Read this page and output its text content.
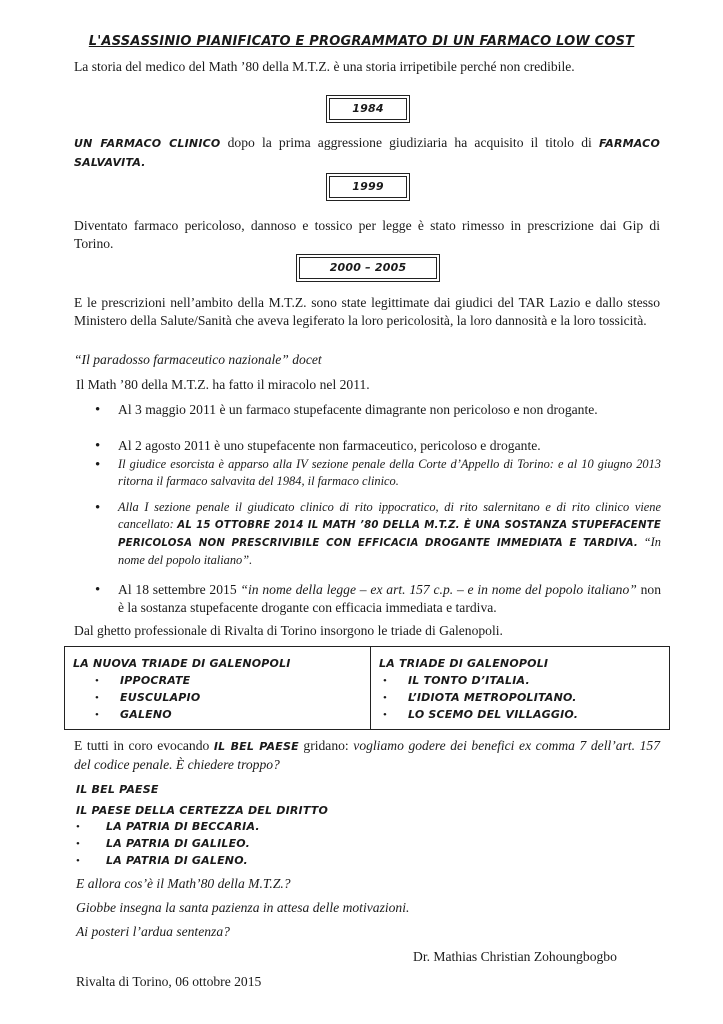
L'ASSASSINIO PIANIFICATO E PROGRAMMATO DI UN FARMACO LOW COST
La storia del medico del Math ’80 della M.T.Z. è una storia irripetibile perché non credibile.
1984
UN FARMACO CLINICO dopo la prima aggressione giudiziaria ha acquisito il titolo di FARMACO SALVAVITA.
1999
Diventato farmaco pericoloso, dannoso e tossico per legge è stato rimesso in prescrizione dai Gip di Torino.
2000 – 2005
E le prescrizioni nell’ambito della M.T.Z. sono state legittimate dai giudici del TAR Lazio e dallo stesso Ministero della Salute/Sanità che aveva legiferato la loro pericolosità, la loro dannosità e la loro tossicità.
“Il paradosso farmaceutico nazionale” docet
Il Math ’80 della M.T.Z. ha fatto il miracolo nel 2011.
• Al 3 maggio 2011 è un farmaco stupefacente dimagrante non pericoloso e non drogante.
• Al 2 agosto 2011 è uno stupefacente non farmaceutico, pericoloso e drogante.
• Il giudice esorcista è apparso alla IV sezione penale della Corte d’Appello di Torino: e al 10 giugno 2013 ritorna il farmaco salvavita del 1984, il farmaco clinico.
• Alla I sezione penale il giudicato clinico di rito ippocratico, di rito salernitano e di rito clinico viene cancellato: AL 15 OTTOBRE 2014 IL MATH ’80 DELLA M.T.Z. È UNA SOSTANZA STUPEFACENTE PERICOLOSA NON PRESCRIVIBILE CON EFFICACIA DROGANTE IMMEDIATA E TARDIVA. “In nome del popolo italiano”.
• Al 18 settembre 2015 “in nome della legge – ex art. 157 c.p. – e in nome del popolo italiano” non è la sostanza stupefacente drogante con efficacia immediata e tardiva.
Dal ghetto professionale di Rivalta di Torino insorgono le triade di Galenopoli.
LA NUOVA TRIADE DI GALENOPOLI
• IPPOCRATE
• EUSCULAPIO
• GALENO
LA TRIADE DI GALENOPOLI
• IL TONTO D’ITALIA.
• L’IDIOTA METROPOLITANO.
• LO SCEMO DEL VILLAGGIO.
E tutti in coro evocando IL BEL PAESE gridano: vogliamo godere dei benefici ex comma 7 dell’art. 157 del codice penale. È chiedere troppo?
IL BEL PAESE
IL PAESE DELLA CERTEZZA DEL DIRITTO
• LA PATRIA DI BECCARIA.
• LA PATRIA DI GALILEO.
• LA PATRIA DI GALENO.
E allora cos’è il Math’80 della M.T.Z.?
Giobbe insegna la santa pazienza in attesa delle motivazioni.
Ai posteri l’ardua sentenza?
Dr. Mathias Christian Zohoungbogbo
Rivalta di Torino, 06 ottobre 2015
